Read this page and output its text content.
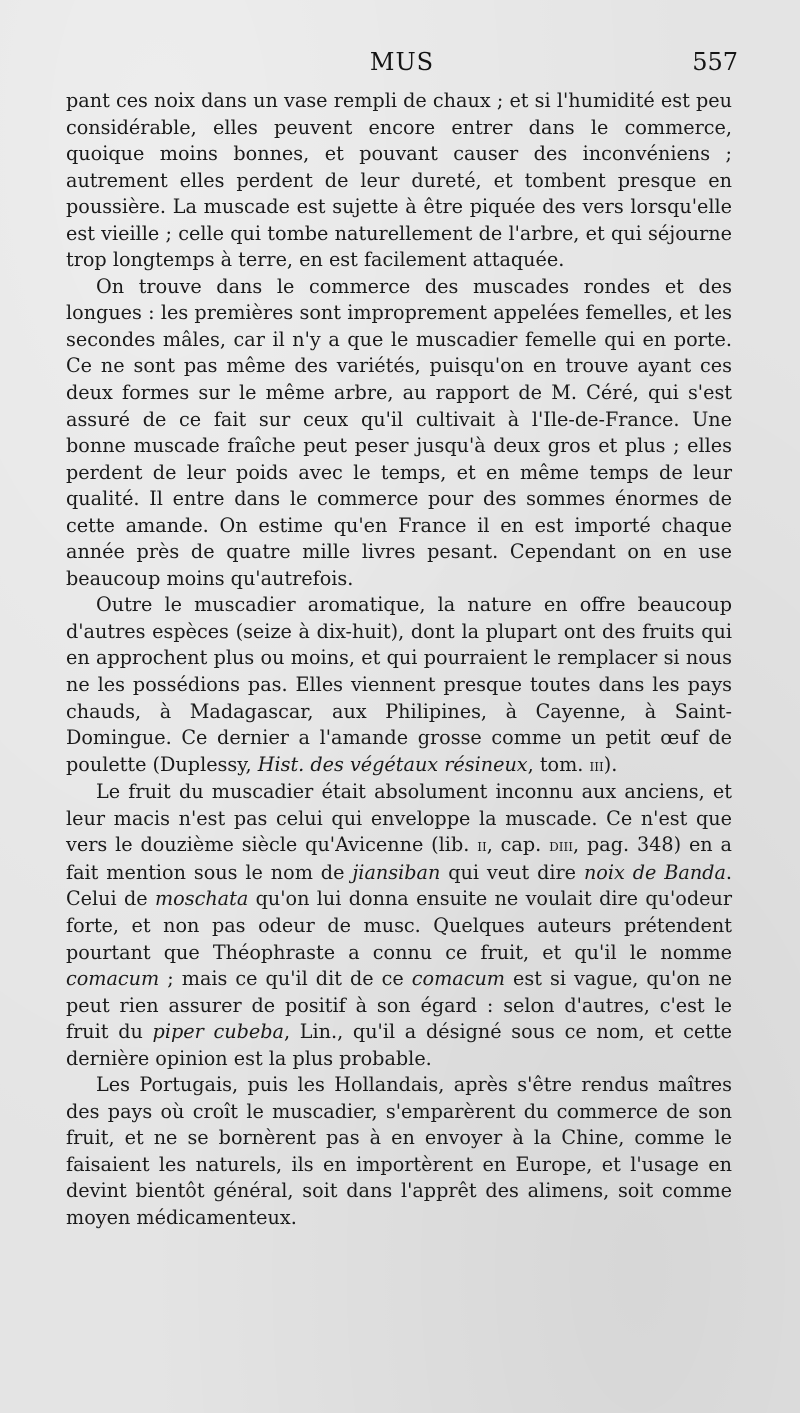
MUS	557

pant ces noix dans un vase rempli de chaux ; et si l'humidité est peu considérable, elles peuvent encore entrer dans le commerce, quoique moins bonnes, et pouvant causer des inconvéniens ; autrement elles perdent de leur dureté, et tombent presque en poussière. La muscade est sujette à être piquée des vers lorsqu'elle est vieille ; celle qui tombe naturellement de l'arbre, et qui séjourne trop longtemps à terre, en est facilement attaquée.

On trouve dans le commerce des muscades rondes et des longues : les premières sont improprement appelées femelles, et les secondes mâles, car il n'y a que le muscadier femelle qui en porte. Ce ne sont pas même des variétés, puisqu'on en trouve ayant ces deux formes sur le même arbre, au rapport de M. Céré, qui s'est assuré de ce fait sur ceux qu'il cultivait à l'Ile-de-France. Une bonne muscade fraîche peut peser jusqu'à deux gros et plus ; elles perdent de leur poids avec le temps, et en même temps de leur qualité. Il entre dans le commerce pour des sommes énormes de cette amande. On estime qu'en France il en est importé chaque année près de quatre mille livres pesant. Cependant on en use beaucoup moins qu'autrefois.

Outre le muscadier aromatique, la nature en offre beaucoup d'autres espèces (seize à dix-huit), dont la plupart ont des fruits qui en approchent plus ou moins, et qui pourraient le remplacer si nous ne les possédions pas. Elles viennent presque toutes dans les pays chauds, à Madagascar, aux Philipines, à Cayenne, à Saint-Domingue. Ce dernier a l'amande grosse comme un petit œuf de poulette (Duplessy, Hist. des végétaux résineux, tom. iii).

Le fruit du muscadier était absolument inconnu aux anciens, et leur macis n'est pas celui qui enveloppe la muscade. Ce n'est que vers le douzième siècle qu'Avicenne (lib. ii, cap. diii, pag. 348) en a fait mention sous le nom de jiansiban qui veut dire noix de Banda. Celui de moschata qu'on lui donna ensuite ne voulait dire qu'odeur forte, et non pas odeur de musc. Quelques auteurs prétendent pourtant que Théophraste a connu ce fruit, et qu'il le nomme comacum ; mais ce qu'il dit de ce comacum est si vague, qu'on ne peut rien assurer de positif à son égard : selon d'autres, c'est le fruit du piper cubeba, Lin., qu'il a désigné sous ce nom, et cette dernière opinion est la plus probable.

Les Portugais, puis les Hollandais, après s'être rendus maîtres des pays où croît le muscadier, s'emparèrent du commerce de son fruit, et ne se bornèrent pas à en envoyer à la Chine, comme le faisaient les naturels, ils en importèrent en Europe, et l'usage en devint bientôt général, soit dans l'apprêt des alimens, soit comme moyen médicamenteux.
